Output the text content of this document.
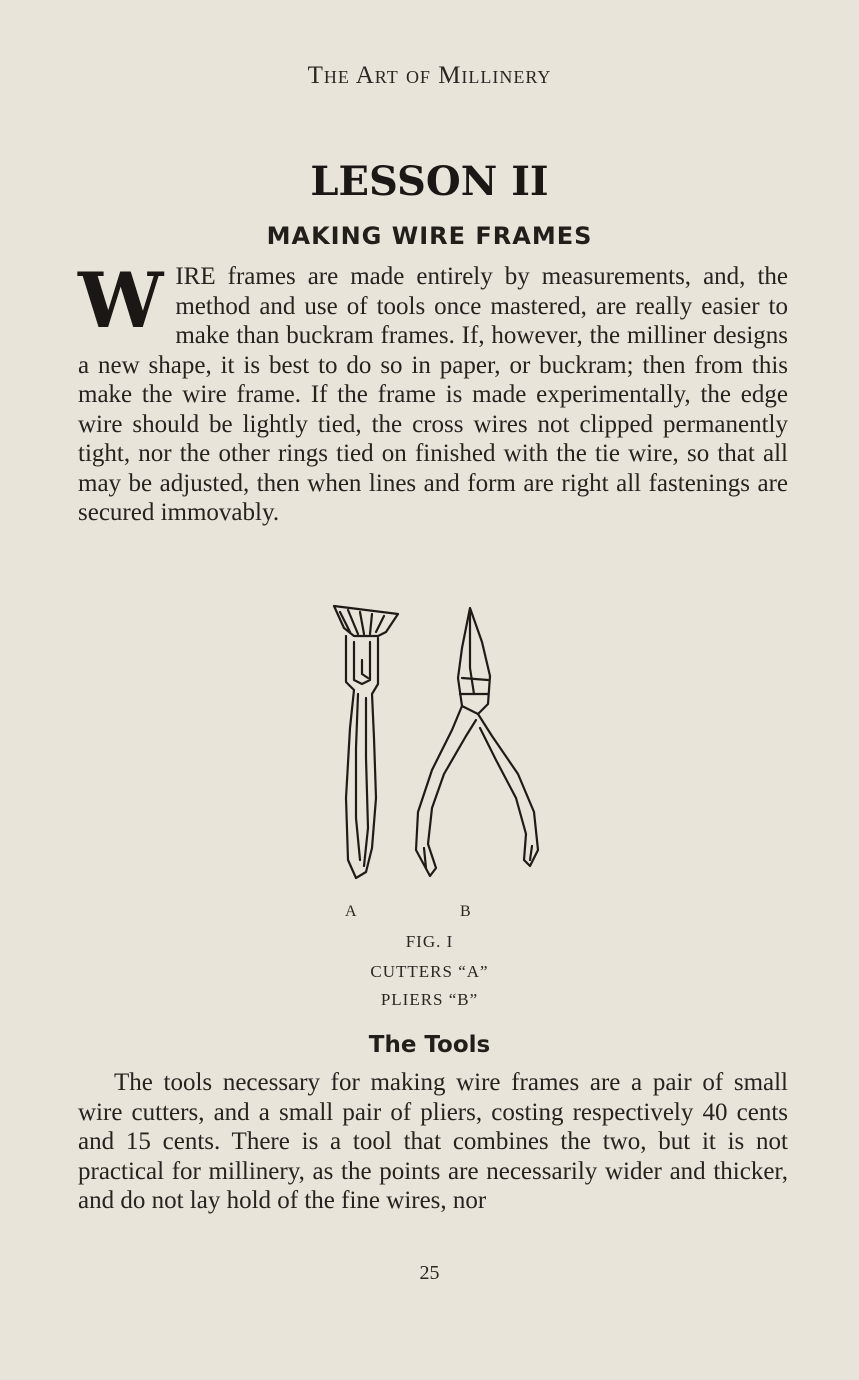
The Art of Millinery
LESSON II
MAKING WIRE FRAMES
W IRE frames are made entirely by measurements, and, the method and use of tools once mastered, are really easier to make than buckram frames. If, however, the milliner designs a new shape, it is best to do so in paper, or buckram; then from this make the wire frame. If the frame is made experimentally, the edge wire should be lightly tied, the cross wires not clipped permanently tight, nor the other rings tied on finished with the tie wire, so that all may be adjusted, then when lines and form are right all fastenings are secured immovably.
A	B
FIG. I
CUTTERS “A”
PLIERS “B”
The Tools
The tools necessary for making wire frames are a pair of small wire cutters, and a small pair of pliers, costing respectively 40 cents and 15 cents. There is a tool that combines the two, but it is not practical for millinery, as the points are necessarily wider and thicker, and do not lay hold of the fine wires, nor
25
